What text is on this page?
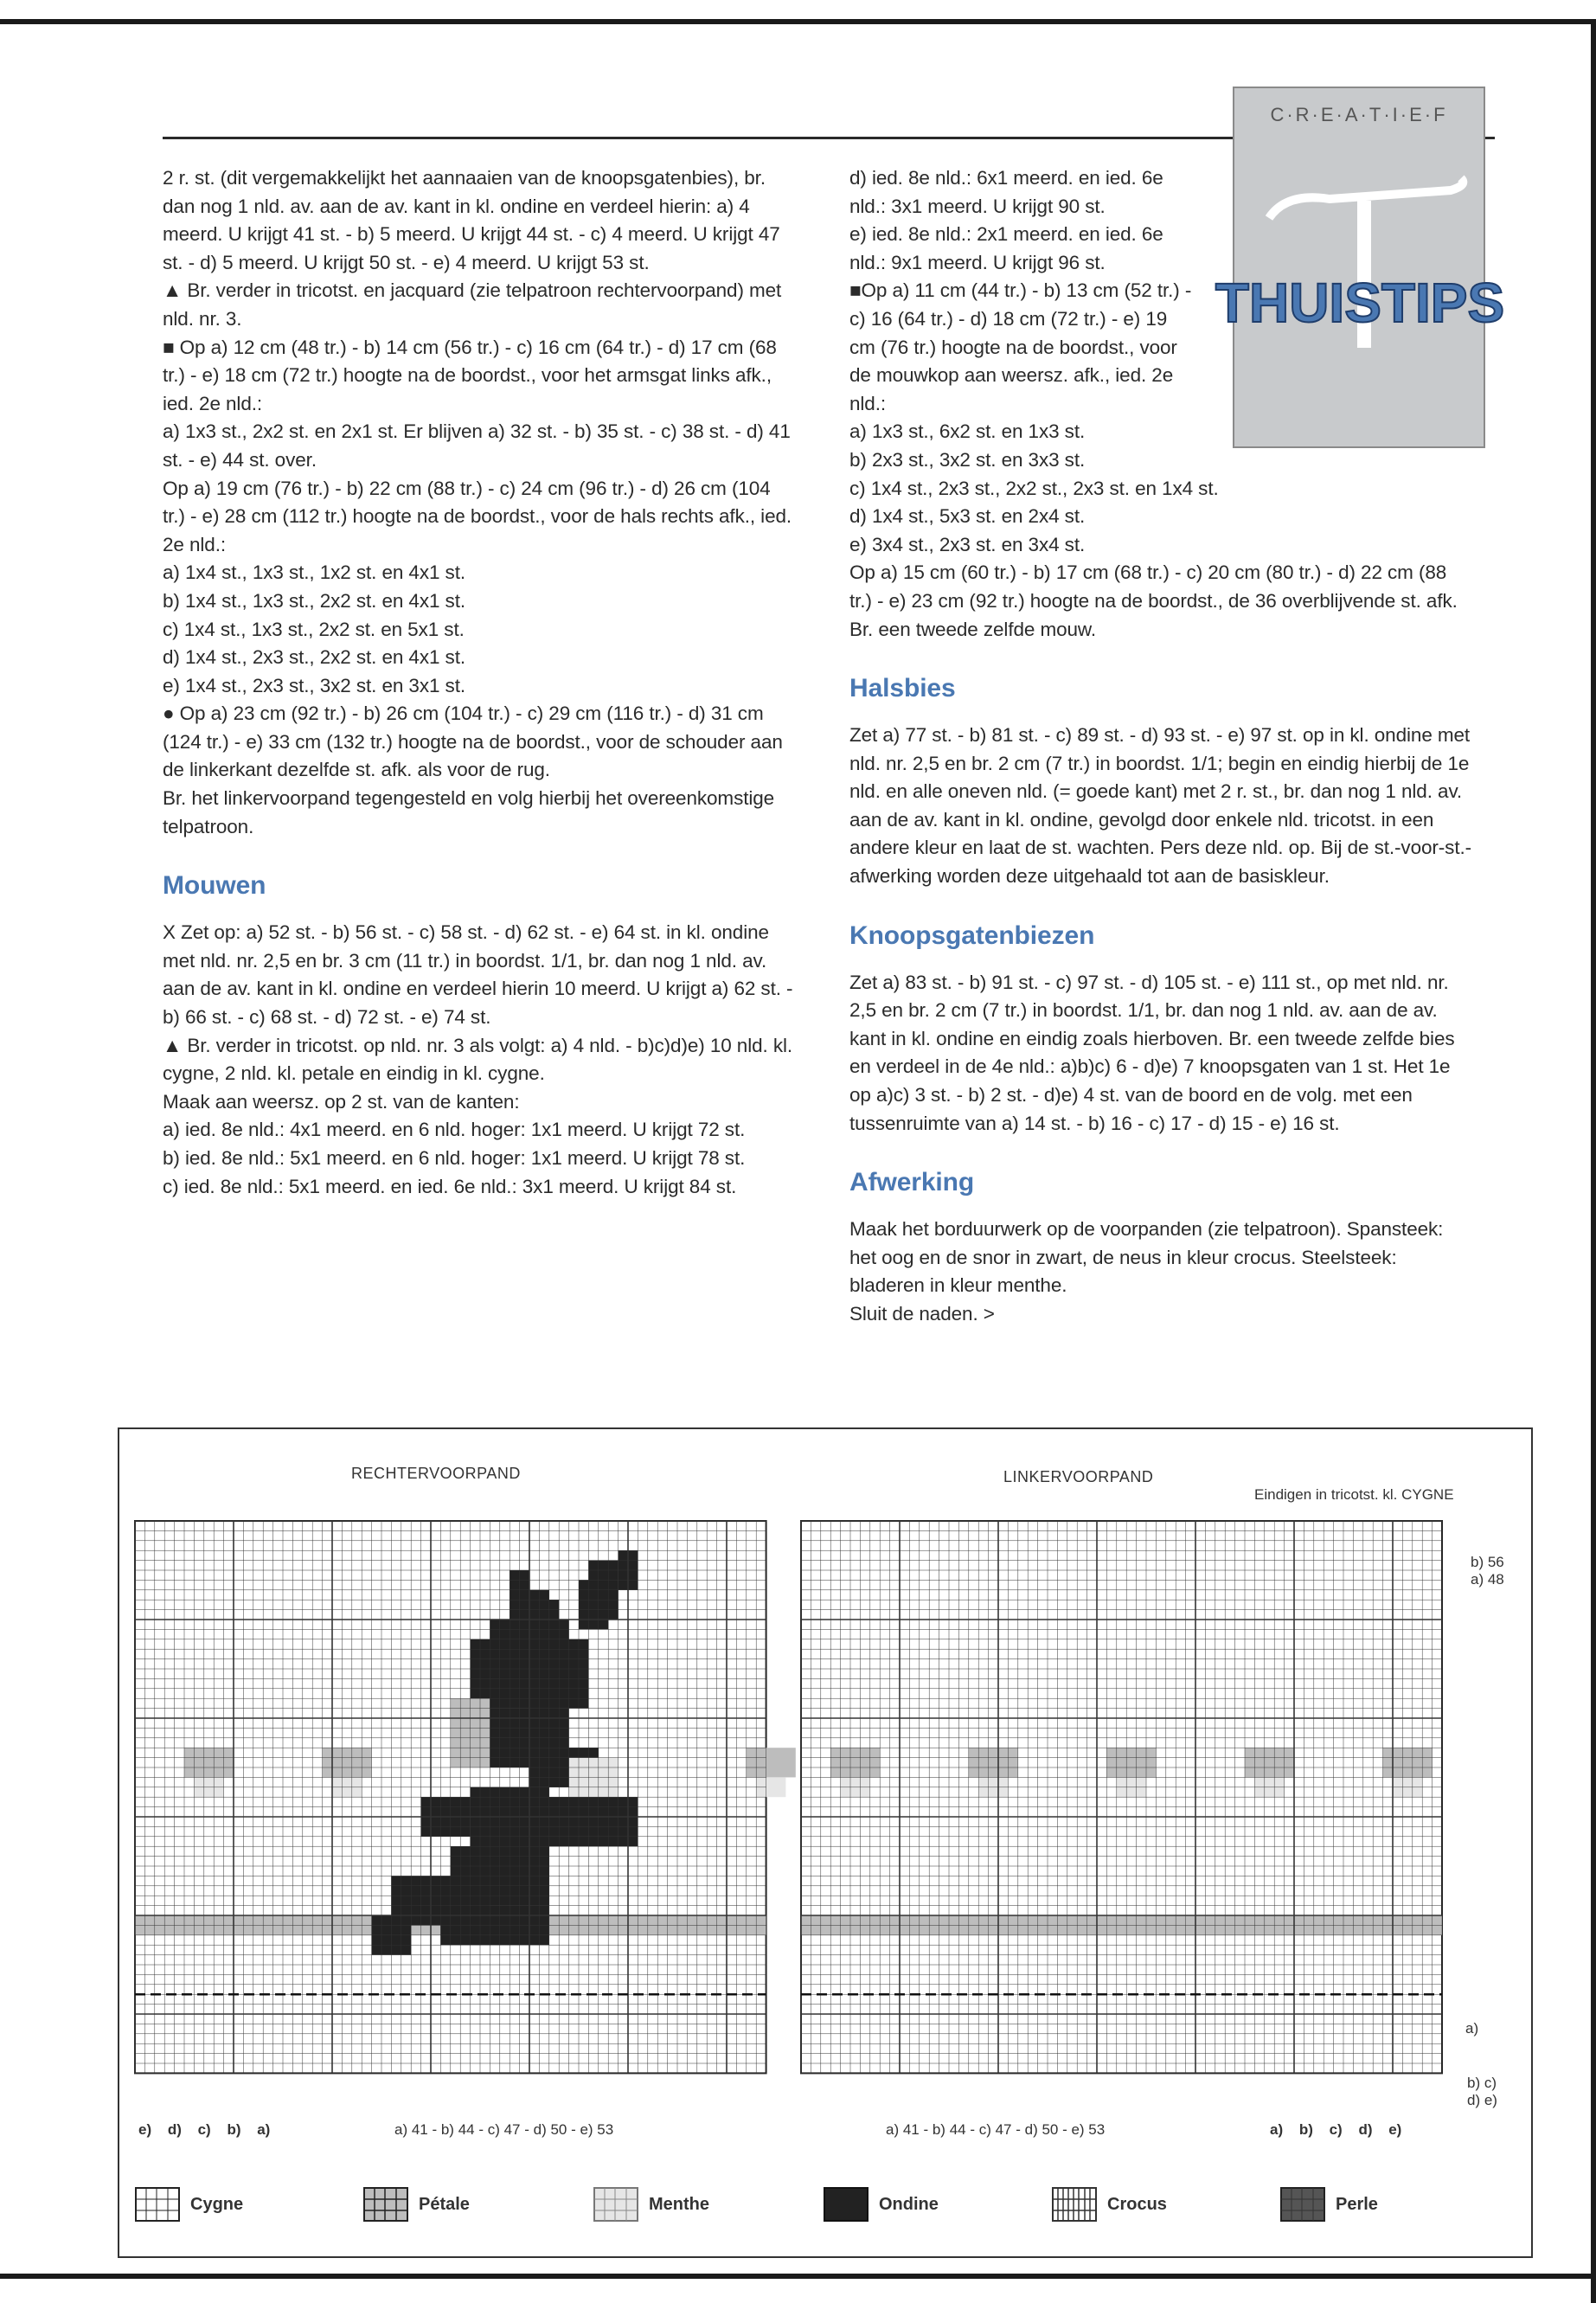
C·R·E·A·T·I·E·F
THUISTIPS

2 r. st. (dit vergemakkelijkt het aannaaien van de knoopsgatenbies), br. dan nog 1 nld. av. aan de av. kant in kl. ondine en verdeel hierin: a) 4 meerd. U krijgt 41 st. - b) 5 meerd. U krijgt 44 st. - c) 4 meerd. U krijgt 47 st. - d) 5 meerd. U krijgt 50 st. - e) 4 meerd. U krijgt 53 st.

▲ Br. verder in tricotst. en jacquard (zie telpatroon rechtervoorpand) met nld. nr. 3.

■ Op a) 12 cm (48 tr.) - b) 14 cm (56 tr.) - c) 16 cm (64 tr.) - d) 17 cm (68 tr.) - e) 18 cm (72 tr.) hoogte na de boordst., voor het armsgat links afk., ied. 2e nld.:

a) 1x3 st., 2x2 st. en 2x1 st. Er blijven a) 32 st. - b) 35 st. - c) 38 st. - d) 41 st. - e) 44 st. over.

Op a) 19 cm (76 tr.) - b) 22 cm (88 tr.) - c) 24 cm (96 tr.) - d) 26 cm (104 tr.) - e) 28 cm (112 tr.) hoogte na de boordst., voor de hals rechts afk., ied. 2e nld.:

a) 1x4 st., 1x3 st., 1x2 st. en 4x1 st.

b) 1x4 st., 1x3 st., 2x2 st. en 4x1 st.

c) 1x4 st., 1x3 st., 2x2 st. en 5x1 st.

d) 1x4 st., 2x3 st., 2x2 st. en 4x1 st.

e) 1x4 st., 2x3 st., 3x2 st. en 3x1 st.

● Op a) 23 cm (92 tr.) - b) 26 cm (104 tr.) - c) 29 cm (116 tr.) - d) 31 cm (124 tr.) - e) 33 cm (132 tr.) hoogte na de boordst., voor de schouder aan de linkerkant dezelfde st. afk. als voor de rug.

Br. het linkervoorpand tegengesteld en volg hierbij het overeenkomstige telpatroon.

Mouwen

X Zet op: a) 52 st. - b) 56 st. - c) 58 st. - d) 62 st. - e) 64 st. in kl. ondine met nld. nr. 2,5 en br. 3 cm (11 tr.) in boordst. 1/1, br. dan nog 1 nld. av. aan de av. kant in kl. ondine en verdeel hierin 10 meerd. U krijgt a) 62 st. - b) 66 st. - c) 68 st. - d) 72 st. - e) 74 st.

▲ Br. verder in tricotst. op nld. nr. 3 als volgt: a) 4 nld. - b)c)d)e) 10 nld. kl. cygne, 2 nld. kl. petale en eindig in kl. cygne.

Maak aan weersz. op 2 st. van de kanten:

a) ied. 8e nld.: 4x1 meerd. en 6 nld. hoger: 1x1 meerd. U krijgt 72 st.

b) ied. 8e nld.: 5x1 meerd. en 6 nld. hoger: 1x1 meerd. U krijgt 78 st.

c) ied. 8e nld.: 5x1 meerd. en ied. 6e nld.: 3x1 meerd. U krijgt 84 st.

d) ied. 8e nld.: 6x1 meerd. en ied. 6e nld.: 3x1 meerd. U krijgt 90 st.

e) ied. 8e nld.: 2x1 meerd. en ied. 6e nld.: 9x1 meerd. U krijgt 96 st.

■Op a) 11 cm (44 tr.) - b) 13 cm (52 tr.) - c) 16 (64 tr.) - d) 18 cm (72 tr.) - e) 19 cm (76 tr.) hoogte na de boordst., voor de mouwkop aan weersz. afk., ied. 2e nld.:

a) 1x3 st., 6x2 st. en 1x3 st.

b) 2x3 st., 3x2 st. en 3x3 st.

c) 1x4 st., 2x3 st., 2x2 st., 2x3 st. en 1x4 st.

d) 1x4 st., 5x3 st. en 2x4 st.

e) 3x4 st., 2x3 st. en 3x4 st.

Op a) 15 cm (60 tr.) - b) 17 cm (68 tr.) - c) 20 cm (80 tr.) - d) 22 cm (88 tr.) - e) 23 cm (92 tr.) hoogte na de boordst., de 36 overblijvende st. afk. Br. een tweede zelfde mouw.

Halsbies

Zet a) 77 st. - b) 81 st. - c) 89 st. - d) 93 st. - e) 97 st. op in kl. ondine met nld. nr. 2,5 en br. 2 cm (7 tr.) in boordst. 1/1; begin en eindig hierbij de 1e nld. en alle oneven nld. (= goede kant) met 2 r. st., br. dan nog 1 nld. av. aan de av. kant in kl. ondine, gevolgd door enkele nld. tricotst. in een andere kleur en laat de st. wachten. Pers deze nld. op. Bij de st.-voor-st.-afwerking worden deze uitgehaald tot aan de basiskleur.

Knoopsgatenbiezen

Zet a) 83 st. - b) 91 st. - c) 97 st. - d) 105 st. - e) 111 st., op met nld. nr. 2,5 en br. 2 cm (7 tr.) in boordst. 1/1, br. dan nog 1 nld. av. aan de av. kant in kl. ondine en eindig zoals hierboven. Br. een tweede zelfde bies en verdeel in de 4e nld.: a)b)c) 6 - d)e) 7 knoopsgaten van 1 st. Het 1e op a)c) 3 st. - b) 2 st. - d)e) 4 st. van de boord en de volg. met een tussenruimte van a) 14 st. - b) 16 - c) 17 - d) 15 - e) 16 st.

Afwerking

Maak het borduurwerk op de voorpanden (zie telpatroon). Spansteek: het oog en de snor in zwart, de neus in kleur crocus. Steelsteek: bladeren in kleur menthe.

Sluit de naden. >

RECHTERVOORPAND	LINKERVOORPAND
Eindigen in tricotst. kl. CYGNE
b) 56
a) 48
a)
b) c)
d) e)
e) d) c) b) a)	a) 41 - b) 44 - c) 47 - d) 50 - e) 53	a) 41 - b) 44 - c) 47 - d) 50 - e) 53	a) b) c) d) e)
Cygne	Pétale	Menthe	Ondine	Crocus	Perle
